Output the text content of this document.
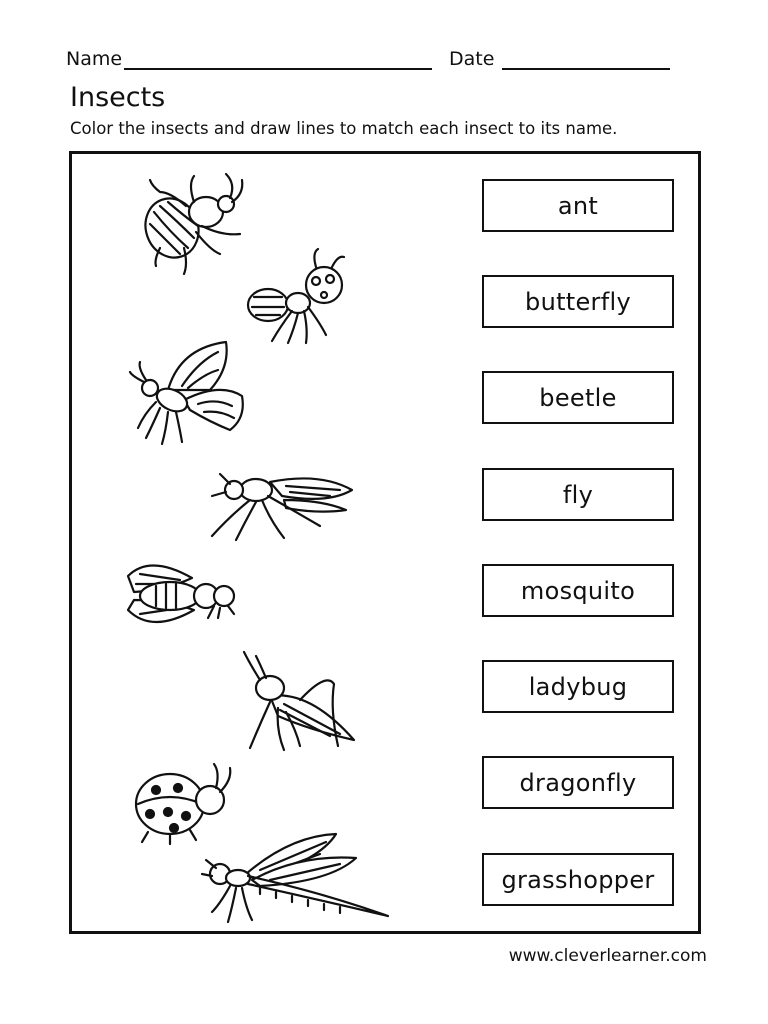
Name	Date
Insects
Color the insects and draw lines to match each insect to its name.
ant
butterfly
beetle
fly
mosquito
ladybug
dragonfly
grasshopper
www.cleverlearner.com
